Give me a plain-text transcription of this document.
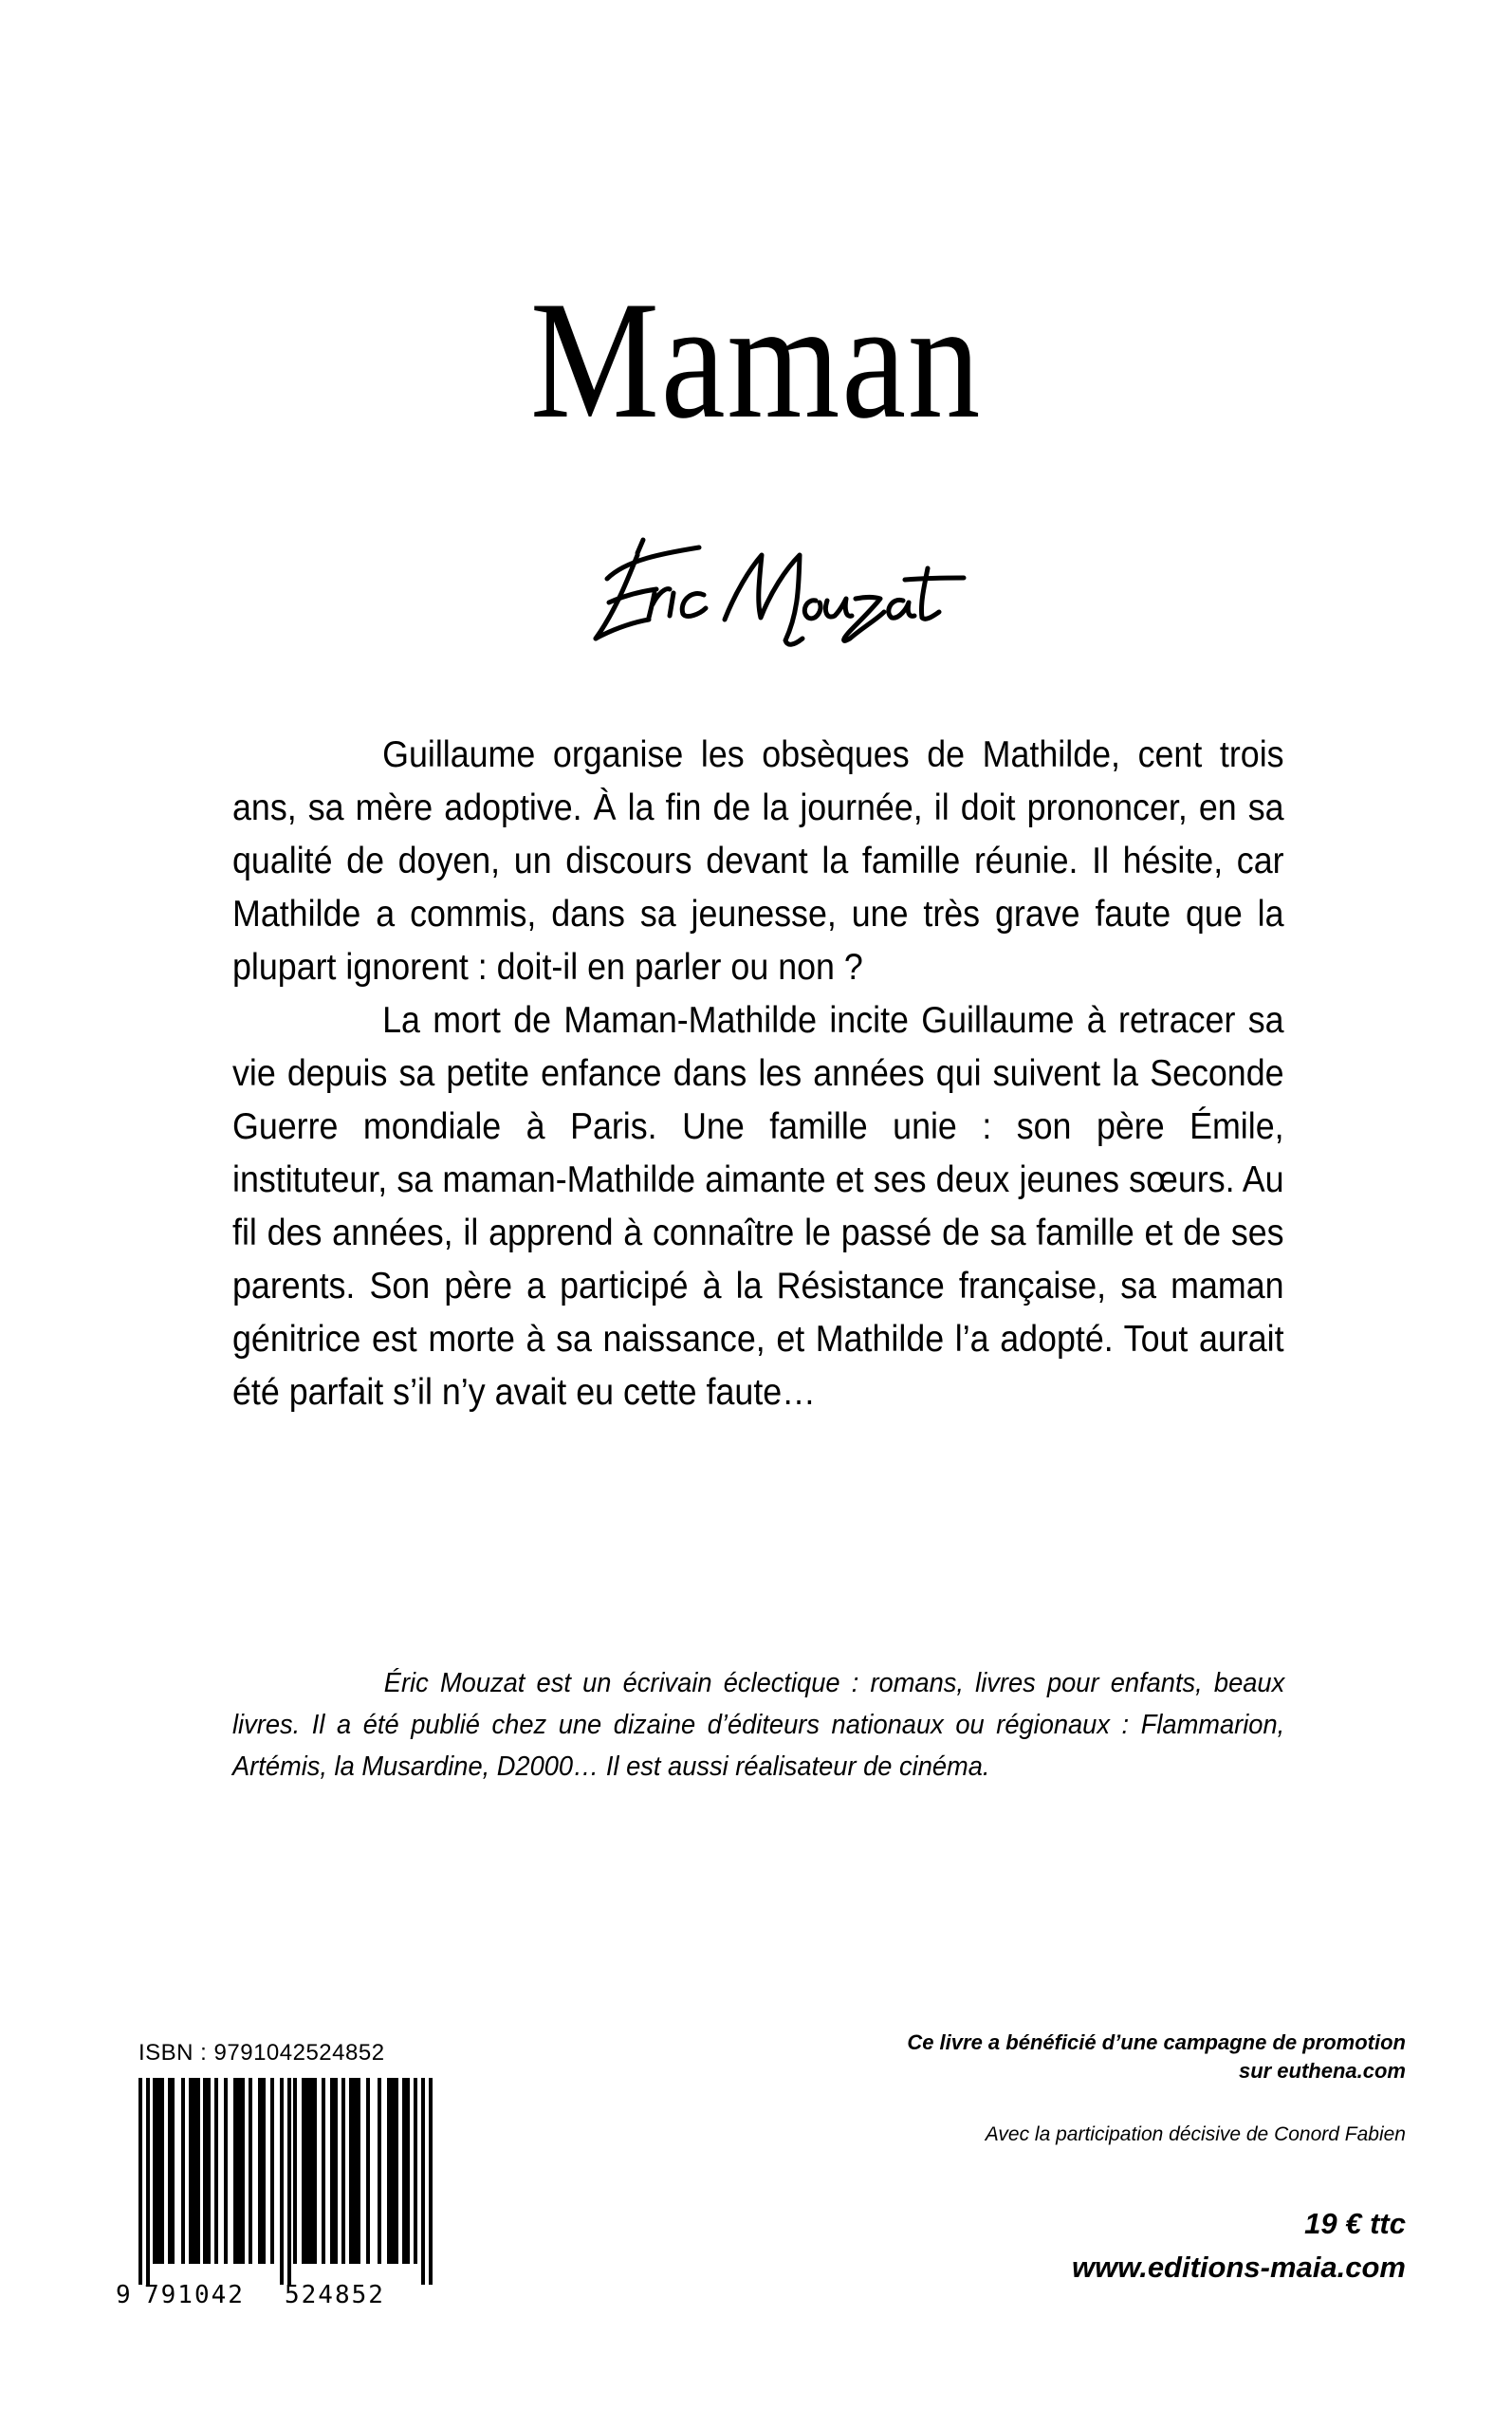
Maman

Guillaume organise les obsèques de Mathilde, cent trois ans, sa mère adoptive. À la fin de la journée, il doit prononcer, en sa qualité de doyen, un discours devant la famille réunie. Il hésite, car Mathilde a commis, dans sa jeunesse, une très grave faute que la plupart ignorent : doit-il en parler ou non ?

La mort de Maman-Mathilde incite Guillaume à retracer sa vie depuis sa petite enfance dans les années qui suivent la Seconde Guerre mondiale à Paris. Une famille unie : son père Émile, instituteur, sa maman-Mathilde aimante et ses deux jeunes sœurs. Au fil des années, il apprend à connaître le passé de sa famille et de ses parents. Son père a participé à la Résistance française, sa maman génitrice est morte à sa naissance, et Mathilde l’a adopté. Tout aurait été parfait s’il n’y avait eu cette faute…

Éric Mouzat est un écrivain éclectique : romans, livres pour enfants, beaux livres. Il a été publié chez une dizaine d’éditeurs nationaux ou régionaux : Flammarion, Artémis, la Musardine, D2000… Il est aussi réalisateur de cinéma.

ISBN : 9791042524852
9 791042	524852
Ce livre a bénéficié d’une campagne de promotion
sur euthena.com
Avec la participation décisive de Conord Fabien
19 € ttc
www.editions-maia.com
